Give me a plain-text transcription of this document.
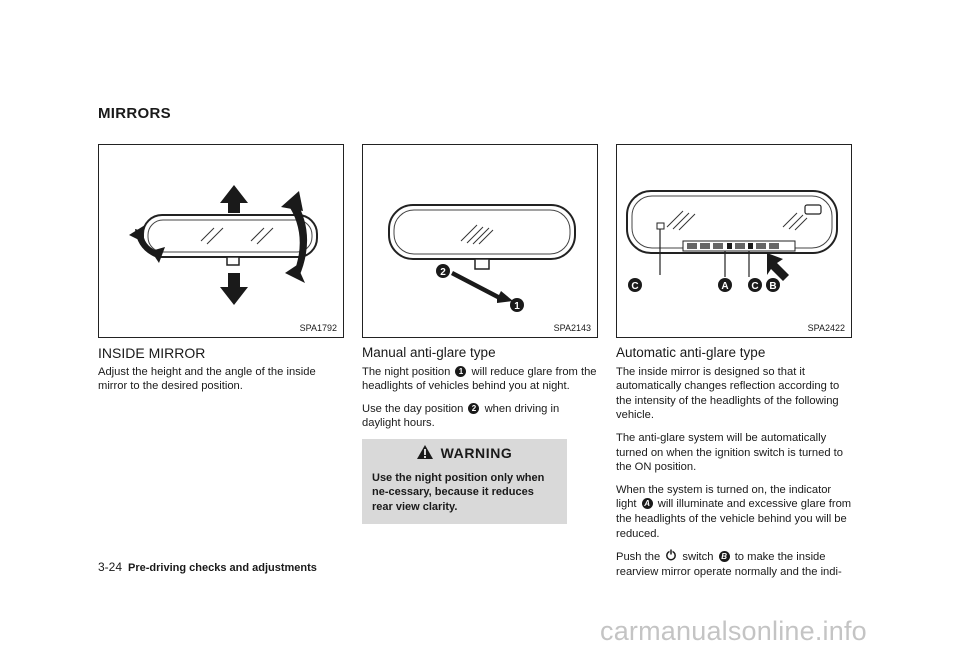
MIRRORS
SPA1792
2
1
SPA2143
C	A C B
SPA2422
INSIDE MIRROR

Adjust the height and the angle of the inside mirror to the desired position.

Manual anti-glare type

The night position 1 will reduce glare from the headlights of vehicles behind you at night.

Use the day position 2 when driving in daylight hours.

WARNING
Use the night position only when ne-cessary, because it reduces rear view clarity.
Automatic anti-glare type

The inside mirror is designed so that it automatically changes reflection according to the intensity of the headlights of the following vehicle.

The anti-glare system will be automatically turned on when the ignition switch is turned to the ON position.

When the system is turned on, the indicator light A will illuminate and excessive glare from the headlights of the vehicle behind you will be reduced.

Push the switch B to make the inside rearview mirror operate normally and the indi-

3-24 Pre-driving checks and adjustments
carmanualsonline.info
